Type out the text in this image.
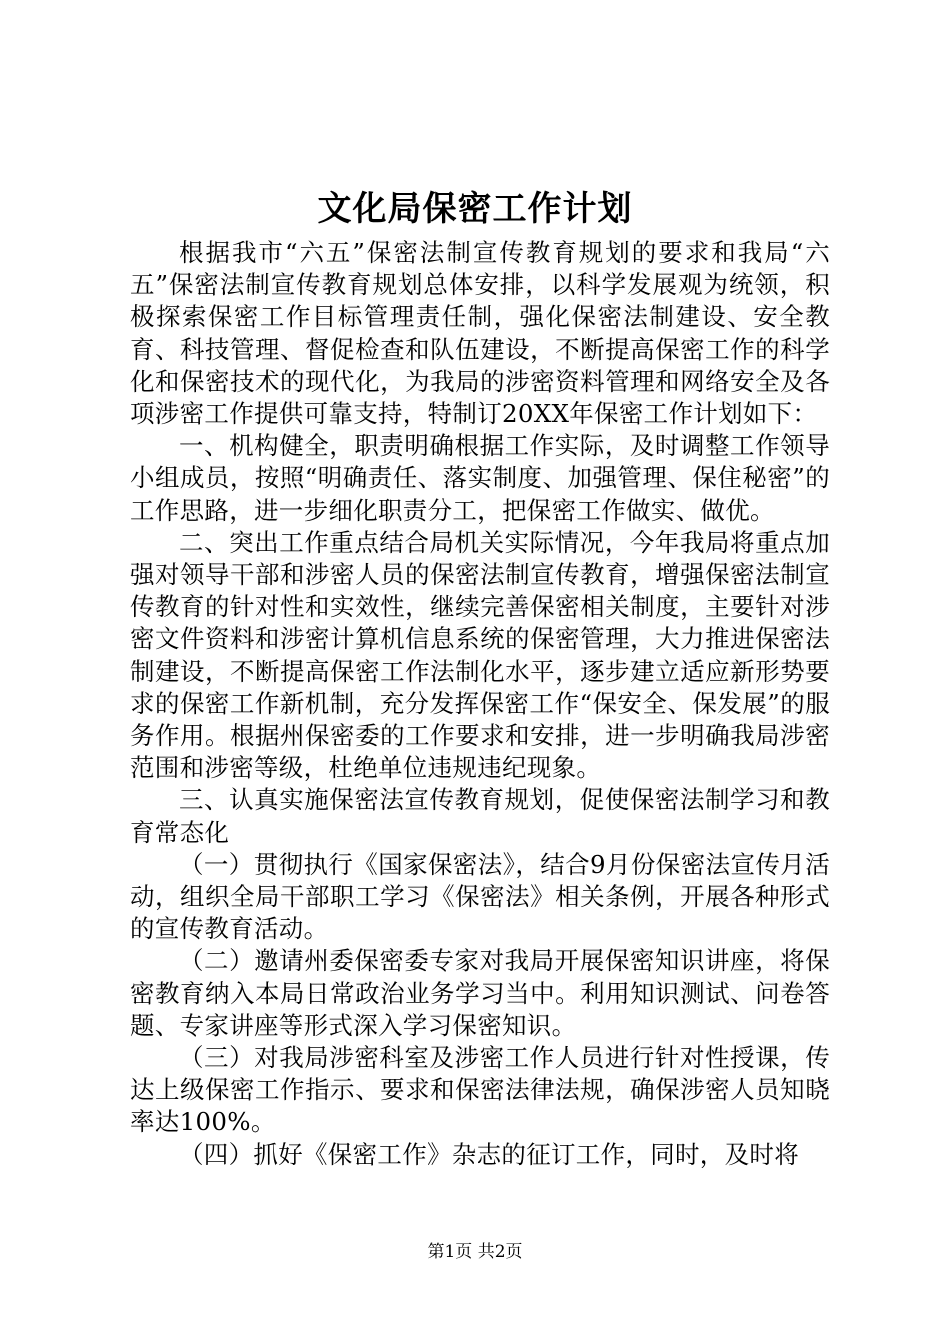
文化局保密工作计划

根据我市“六五”保密法制宣传教育规划的要求和我局“六五”保密法制宣传教育规划总体安排，以科学发展观为统领，积极探索保密工作目标管理责任制，强化保密法制建设、安全教育、科技管理、督促检查和队伍建设，不断提高保密工作的科学化和保密技术的现代化，为我局的涉密资料管理和网络安全及各项涉密工作提供可靠支持，特制订20XX年保密工作计划如下：

一、机构健全，职责明确根据工作实际，及时调整工作领导小组成员，按照“明确责任、落实制度、加强管理、保住秘密”的工作思路，进一步细化职责分工，把保密工作做实、做优。

二、突出工作重点结合局机关实际情况，今年我局将重点加强对领导干部和涉密人员的保密法制宣传教育，增强保密法制宣传教育的针对性和实效性，继续完善保密相关制度，主要针对涉密文件资料和涉密计算机信息系统的保密管理，大力推进保密法制建设，不断提高保密工作法制化水平，逐步建立适应新形势要求的保密工作新机制，充分发挥保密工作“保安全、保发展”的服务作用。根据州保密委的工作要求和安排，进一步明确我局涉密范围和涉密等级，杜绝单位违规违纪现象。

三、认真实施保密法宣传教育规划，促使保密法制学习和教育常态化

（一）贯彻执行《国家保密法》，结合9月份保密法宣传月活动，组织全局干部职工学习《保密法》相关条例，开展各种形式的宣传教育活动。

（二）邀请州委保密委专家对我局开展保密知识讲座，将保密教育纳入本局日常政治业务学习当中。利用知识测试、问卷答题、专家讲座等形式深入学习保密知识。

（三）对我局涉密科室及涉密工作人员进行针对性授课，传达上级保密工作指示、要求和保密法律法规，确保涉密人员知晓率达100%。

（四）抓好《保密工作》杂志的征订工作，同时，及时将

第1页 共2页
